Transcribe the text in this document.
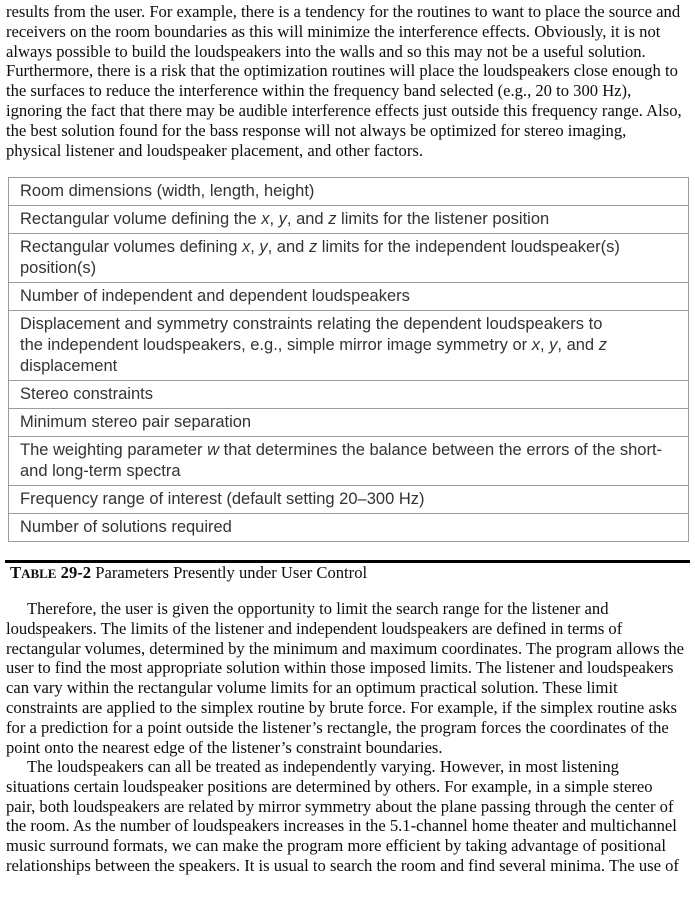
results from the user. For example, there is a tendency for the routines to want to place the source and
receivers on the room boundaries as this will minimize the interference effects. Obviously, it is not
always possible to build the loudspeakers into the walls and so this may not be a useful solution.
Furthermore, there is a risk that the optimization routines will place the loudspeakers close enough to
the surfaces to reduce the interference within the frequency band selected (e.g., 20 to 300 Hz),
ignoring the fact that there may be audible interference effects just outside this frequency range. Also,
the best solution found for the bass response will not always be optimized for stereo imaging,
physical listener and loudspeaker placement, and other factors.
Room dimensions (width, length, height)
Rectangular volume defining the x, y, and z limits for the listener position
Rectangular volumes defining x, y, and z limits for the independent loudspeaker(s)
position(s)
Number of independent and dependent loudspeakers
Displacement and symmetry constraints relating the dependent loudspeakers to
the independent loudspeakers, e.g., simple mirror image symmetry or x, y, and z
displacement
Stereo constraints
Minimum stereo pair separation
The weighting parameter w that determines the balance between the errors of the short-
and long-term spectra
Frequency range of interest (default setting 20–300 Hz)
Number of solutions required
TABLE 29-2 Parameters Presently under User Control
Therefore, the user is given the opportunity to limit the search range for the listener and
loudspeakers. The limits of the listener and independent loudspeakers are defined in terms of
rectangular volumes, determined by the minimum and maximum coordinates. The program allows the
user to find the most appropriate solution within those imposed limits. The listener and loudspeakers
can vary within the rectangular volume limits for an optimum practical solution. These limit
constraints are applied to the simplex routine by brute force. For example, if the simplex routine asks
for a prediction for a point outside the listener’s rectangle, the program forces the coordinates of the
point onto the nearest edge of the listener’s constraint boundaries.
The loudspeakers can all be treated as independently varying. However, in most listening
situations certain loudspeaker positions are determined by others. For example, in a simple stereo
pair, both loudspeakers are related by mirror symmetry about the plane passing through the center of
the room. As the number of loudspeakers increases in the 5.1-channel home theater and multichannel
music surround formats, we can make the program more efficient by taking advantage of positional
relationships between the speakers. It is usual to search the room and find several minima. The use of
